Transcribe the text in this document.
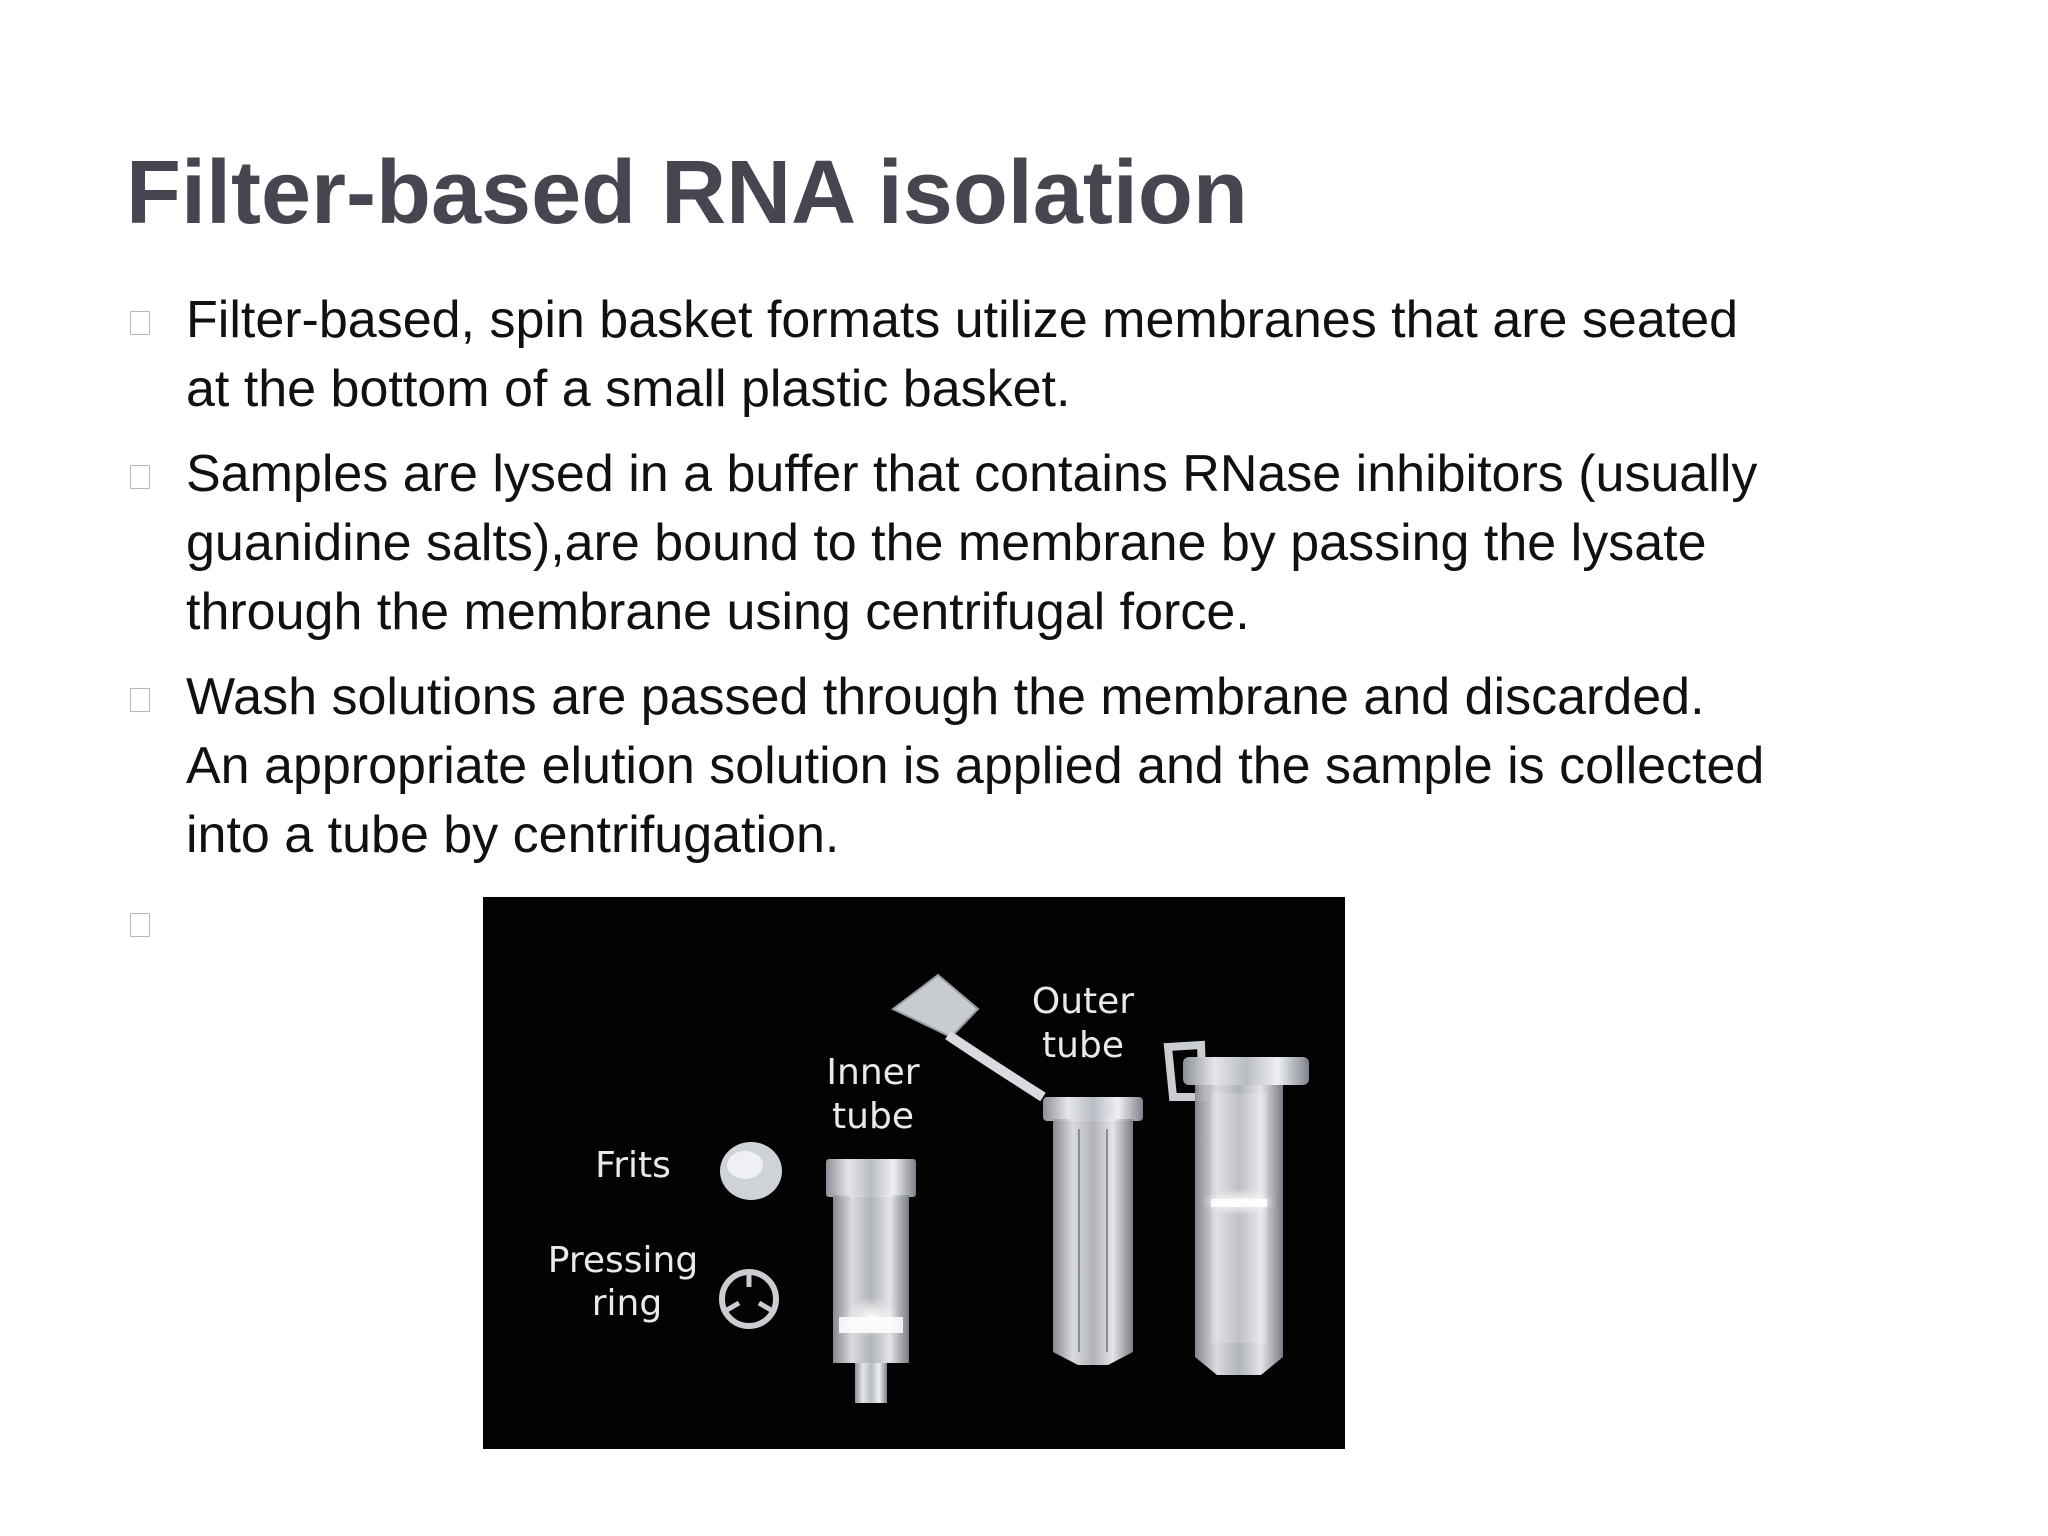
Filter-based RNA isolation
Filter-based, spin basket formats utilize membranes that are seated
at the bottom of a small plastic basket.
Samples are lysed in a buffer that contains RNase inhibitors (usually
guanidine salts),are bound to the membrane by passing the lysate
through the membrane using centrifugal force.
Wash solutions are passed through the membrane and discarded.
An appropriate elution solution is applied and the sample is collected
into a tube by centrifugation.
Frits
Pressing
ring
Inner
tube
Outer
tube
